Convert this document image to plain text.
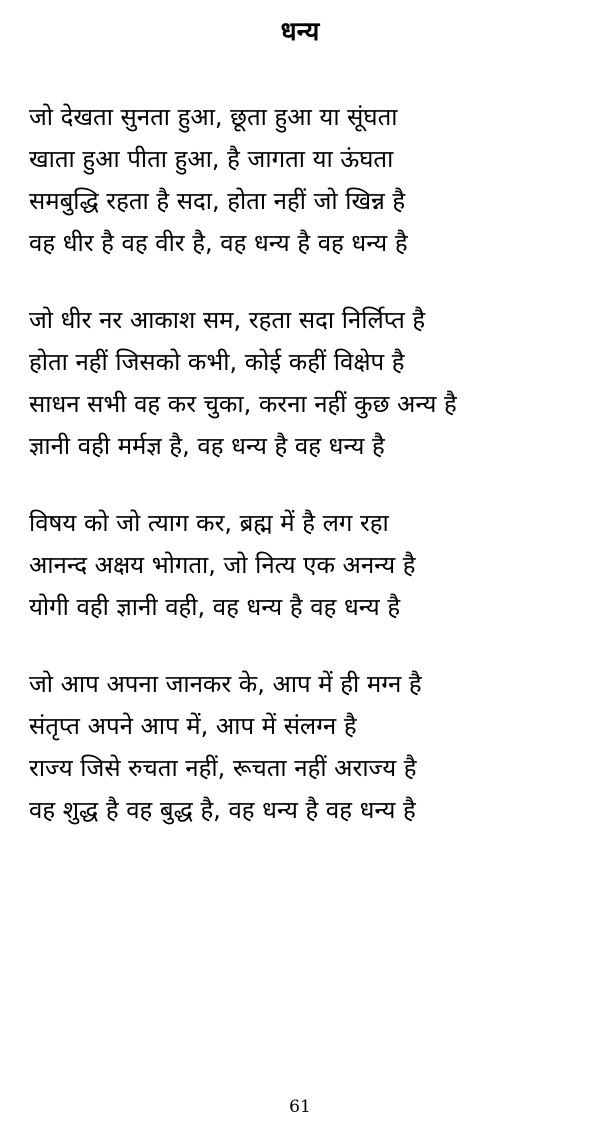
धन्य
जो देखता सुनता हुआ, छूता हुआ या सूंघता
खाता हुआ पीता हुआ, है जागता या ऊंघता
समबुद्धि रहता है सदा, होता नहीं जो खिन्न है
वह धीर है वह वीर है, वह धन्य है वह धन्य है
जो धीर नर आकाश सम, रहता सदा निर्लिप्त है
होता नहीं जिसको कभी, कोई कहीं विक्षेप है
साधन सभी वह कर चुका, करना नहीं कुछ अन्य है
ज्ञानी वही मर्मज्ञ है, वह धन्य है वह धन्य है
विषय को जो त्याग कर, ब्रह्म में है लग रहा
आनन्द अक्षय भोगता, जो नित्य एक अनन्य है
योगी वही ज्ञानी वही, वह धन्य है वह धन्य है
जो आप अपना जानकर के, आप में ही मग्न है
संतृप्त अपने आप में, आप में संलग्न है
राज्य जिसे रुचता नहीं, रूचता नहीं अराज्य है
वह शुद्ध है वह बुद्ध है, वह धन्य है वह धन्य है
61
